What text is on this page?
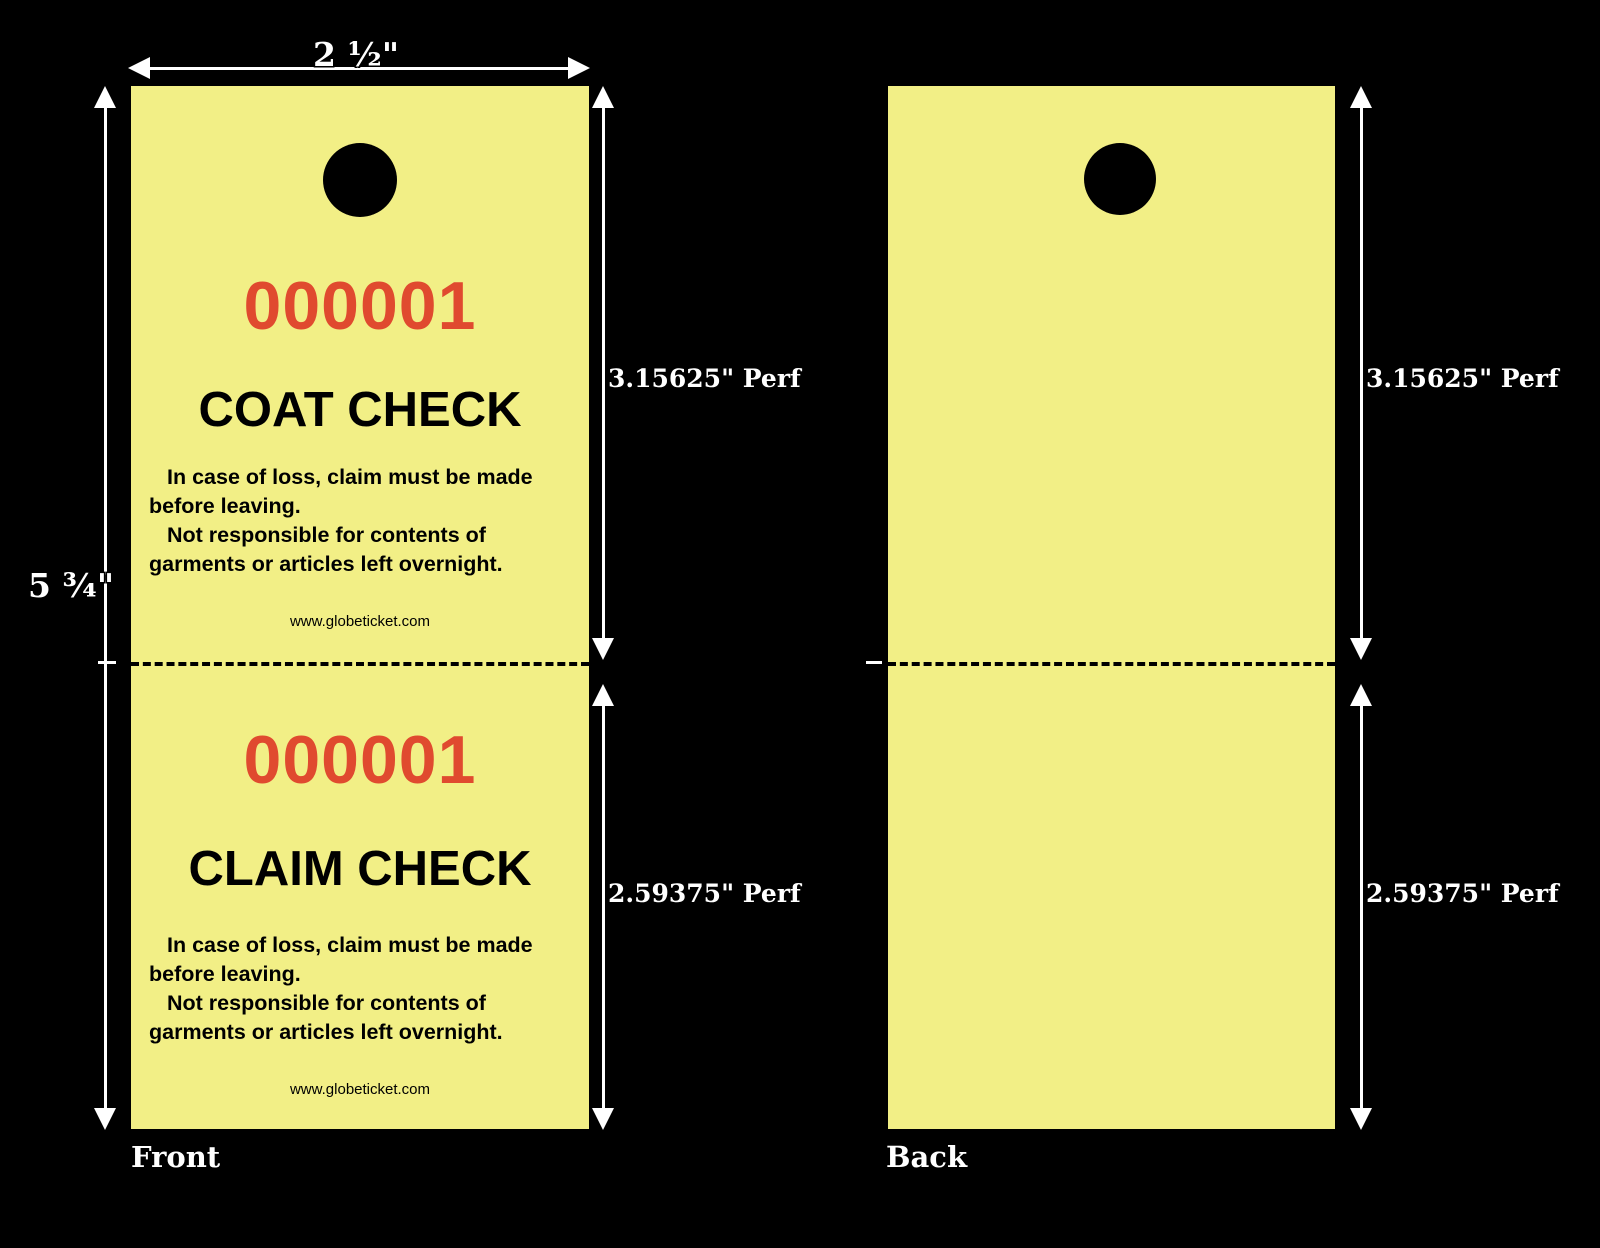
000001
COAT CHECK

In case of loss, claim must be made before leaving.

Not responsible for contents of garments or articles left overnight.

www.globeticket.com
000001
CLAIM CHECK

In case of loss, claim must be made before leaving.

Not responsible for contents of garments or articles left overnight.

www.globeticket.com
2 ¹⁄₂"
5 ³⁄₄"
3.15625" Perf
2.59375" Perf
3.15625" Perf
2.59375" Perf
Front	Back
